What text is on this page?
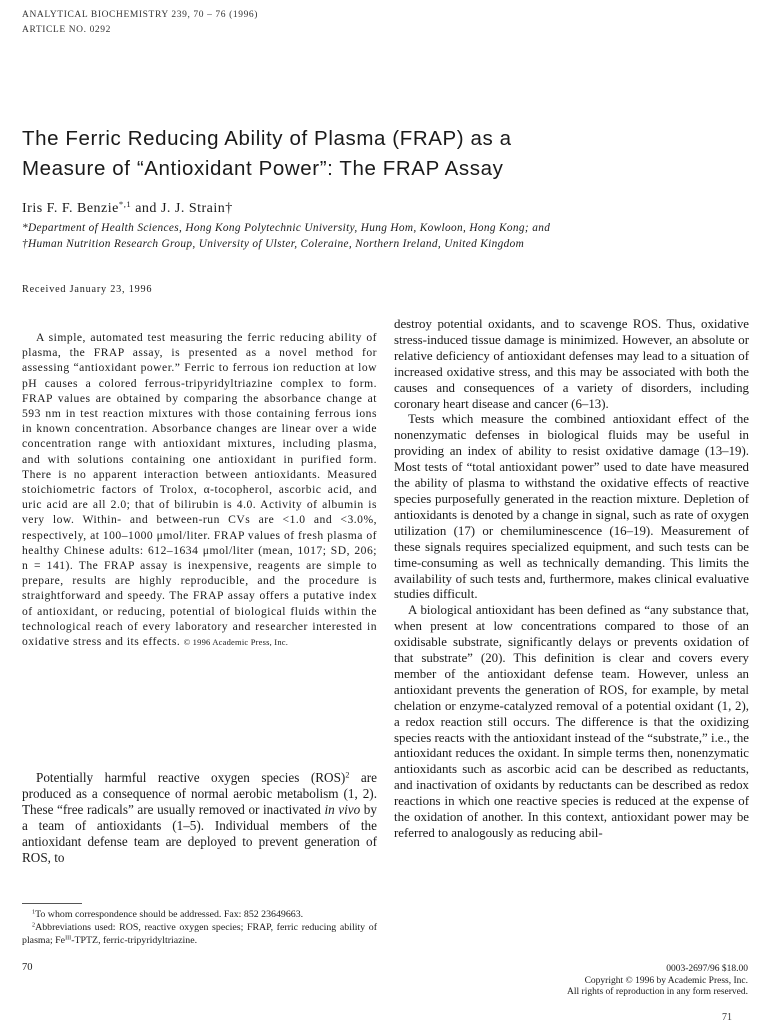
ANALYTICAL BIOCHEMISTRY 239, 70 – 76 (1996)
ARTICLE NO. 0292
The Ferric Reducing Ability of Plasma (FRAP) as a
Measure of “Antioxidant Power”: The FRAP Assay
Iris F. F. Benzie$^{*,1}$ and J. J. Strain†
*Department of Health Sciences, Hong Kong Polytechnic University, Hung Hom, Kowloon, Hong Kong; and
†Human Nutrition Research Group, University of Ulster, Coleraine, Northern Ireland, United Kingdom
Received January 23, 1996
A simple, automated test measuring the ferric reducing ability of plasma, the FRAP assay, is presented as a novel method for assessing “antioxidant power.” Ferric to ferrous ion reduction at low pH causes a colored ferrous-tripyridyltriazine complex to form. FRAP values are obtained by comparing the absorbance change at 593 nm in test reaction mixtures with those containing ferrous ions in known concentration. Absorbance changes are linear over a wide concentration range with antioxidant mixtures, including plasma, and with solutions containing one antioxidant in purified form. There is no apparent interaction between antioxidants. Measured stoichiometric factors of Trolox, α-tocopherol, ascorbic acid, and uric acid are all 2.0; that of bilirubin is 4.0. Activity of albumin is very low. Within- and between-run CVs are <1.0 and <3.0%, respectively, at 100–1000 μmol/liter. FRAP values of fresh plasma of healthy Chinese adults: 612–1634 μmol/liter (mean, 1017; SD, 206; n = 141). The FRAP assay is inexpensive, reagents are simple to prepare, results are highly reproducible, and the procedure is straightforward and speedy. The FRAP assay offers a putative index of antioxidant, or reducing, potential of biological fluids within the technological reach of every laboratory and researcher interested in oxidative stress and its effects. © 1996 Academic Press, Inc.
Potentially harmful reactive oxygen species (ROS)$^2$ are produced as a consequence of normal aerobic metabolism (1, 2). These “free radicals” are usually removed or inactivated in vivo by a team of antioxidants (1–5). Individual members of the antioxidant defense team are deployed to prevent generation of ROS, to

$^1$To whom correspondence should be addressed. Fax: 852 23649663.

$^2$Abbreviations used: ROS, reactive oxygen species; FRAP, ferric reducing ability of plasma; $Fe^{III}$-TPTZ, ferric-tripyridyltriazine.

destroy potential oxidants, and to scavenge ROS. Thus, oxidative stress-induced tissue damage is minimized. However, an absolute or relative deficiency of antioxidant defenses may lead to a situation of increased oxidative stress, and this may be associated with both the causes and consequences of a variety of disorders, including coronary heart disease and cancer (6–13).

Tests which measure the combined antioxidant effect of the nonenzymatic defenses in biological fluids may be useful in providing an index of ability to resist oxidative damage (13–19). Most tests of “total antioxidant power” used to date have measured the ability of plasma to withstand the oxidative effects of reactive species purposefully generated in the reaction mixture. Depletion of antioxidants is denoted by a change in signal, such as rate of oxygen utilization (17) or chemiluminescence (16–19). Measurement of these signals requires specialized equipment, and such tests can be time-consuming as well as technically demanding. This limits the availability of such tests and, furthermore, makes clinical evaluative studies difficult.

A biological antioxidant has been defined as “any substance that, when present at low concentrations compared to those of an oxidisable substrate, significantly delays or prevents oxidation of that substrate” (20). This definition is clear and covers every member of the antioxidant defense team. However, unless an antioxidant prevents the generation of ROS, for example, by metal chelation or enzyme-catalyzed removal of a potential oxidant (1, 2), a redox reaction still occurs. The difference is that the oxidizing species reacts with the antioxidant instead of the “substrate,” i.e., the antioxidant reduces the oxidant. In simple terms then, nonenzymatic antioxidants such as ascorbic acid can be described as reductants, and inactivation of oxidants by reductants can be described as redox reactions in which one reactive species is reduced at the expense of the oxidation of another. In this context, antioxidant power may be referred to analogously as reducing abil-

70	0003-2697/96 $18.00
Copyright © 1996 by Academic Press, Inc.
All rights of reproduction in any form reserved.
71
